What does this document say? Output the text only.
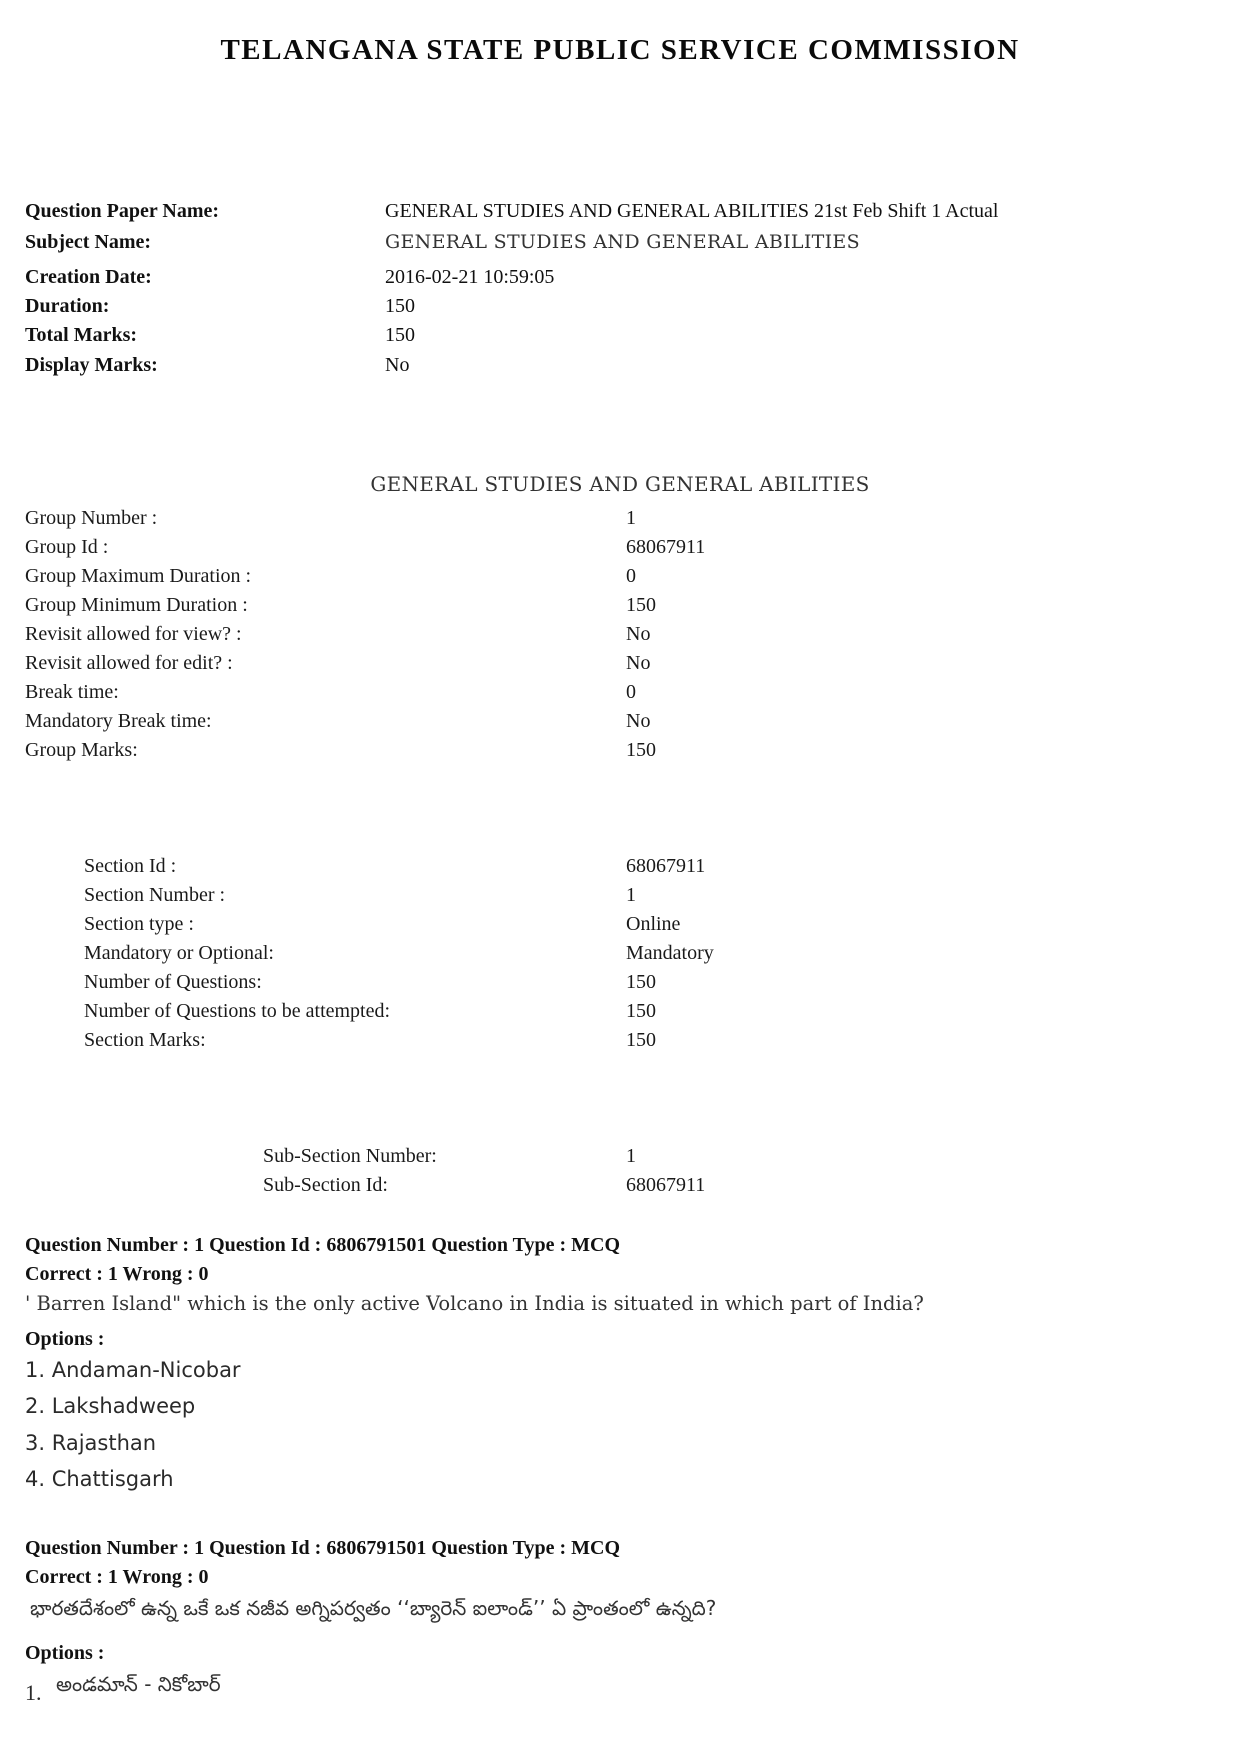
TELANGANA STATE PUBLIC SERVICE COMMISSION
Question Paper Name:	GENERAL STUDIES AND GENERAL ABILITIES 21st Feb Shift 1 Actual
Subject Name:	GENERAL STUDIES AND GENERAL ABILITIES
Creation Date:	2016-02-21 10:59:05
Duration:	150
Total Marks:	150
Display Marks:	No
GENERAL STUDIES AND GENERAL ABILITIES
Group Number :	1
Group Id :	68067911
Group Maximum Duration :	0
Group Minimum Duration :	150
Revisit allowed for view? :	No
Revisit allowed for edit? :	No
Break time:	0
Mandatory Break time:	No
Group Marks:	150
Section Id :	68067911
Section Number :	1
Section type :	Online
Mandatory or Optional:	Mandatory
Number of Questions:	150
Number of Questions to be attempted:	150
Section Marks:	150
Sub-Section Number:	1
Sub-Section Id:	68067911
Question Number : 1 Question Id : 6806791501 Question Type : MCQ
Correct : 1 Wrong : 0
' Barren Island" which is the only active Volcano in India is situated in which part of India?
Options :
1. Andaman-Nicobar
2. Lakshadweep
3. Rajasthan
4. Chattisgarh
Question Number : 1 Question Id : 6806791501 Question Type : MCQ
Correct : 1 Wrong : 0
భారతదేశంలో ఉన్న ఒకే ఒక నజీవ అగ్నిపర్వతం ‘‘బ్యారెన్ ఐలాండ్’’ ఏ ప్రాంతంలో ఉన్నది?
Options :
1. అండమాన్ - నికోబార్
